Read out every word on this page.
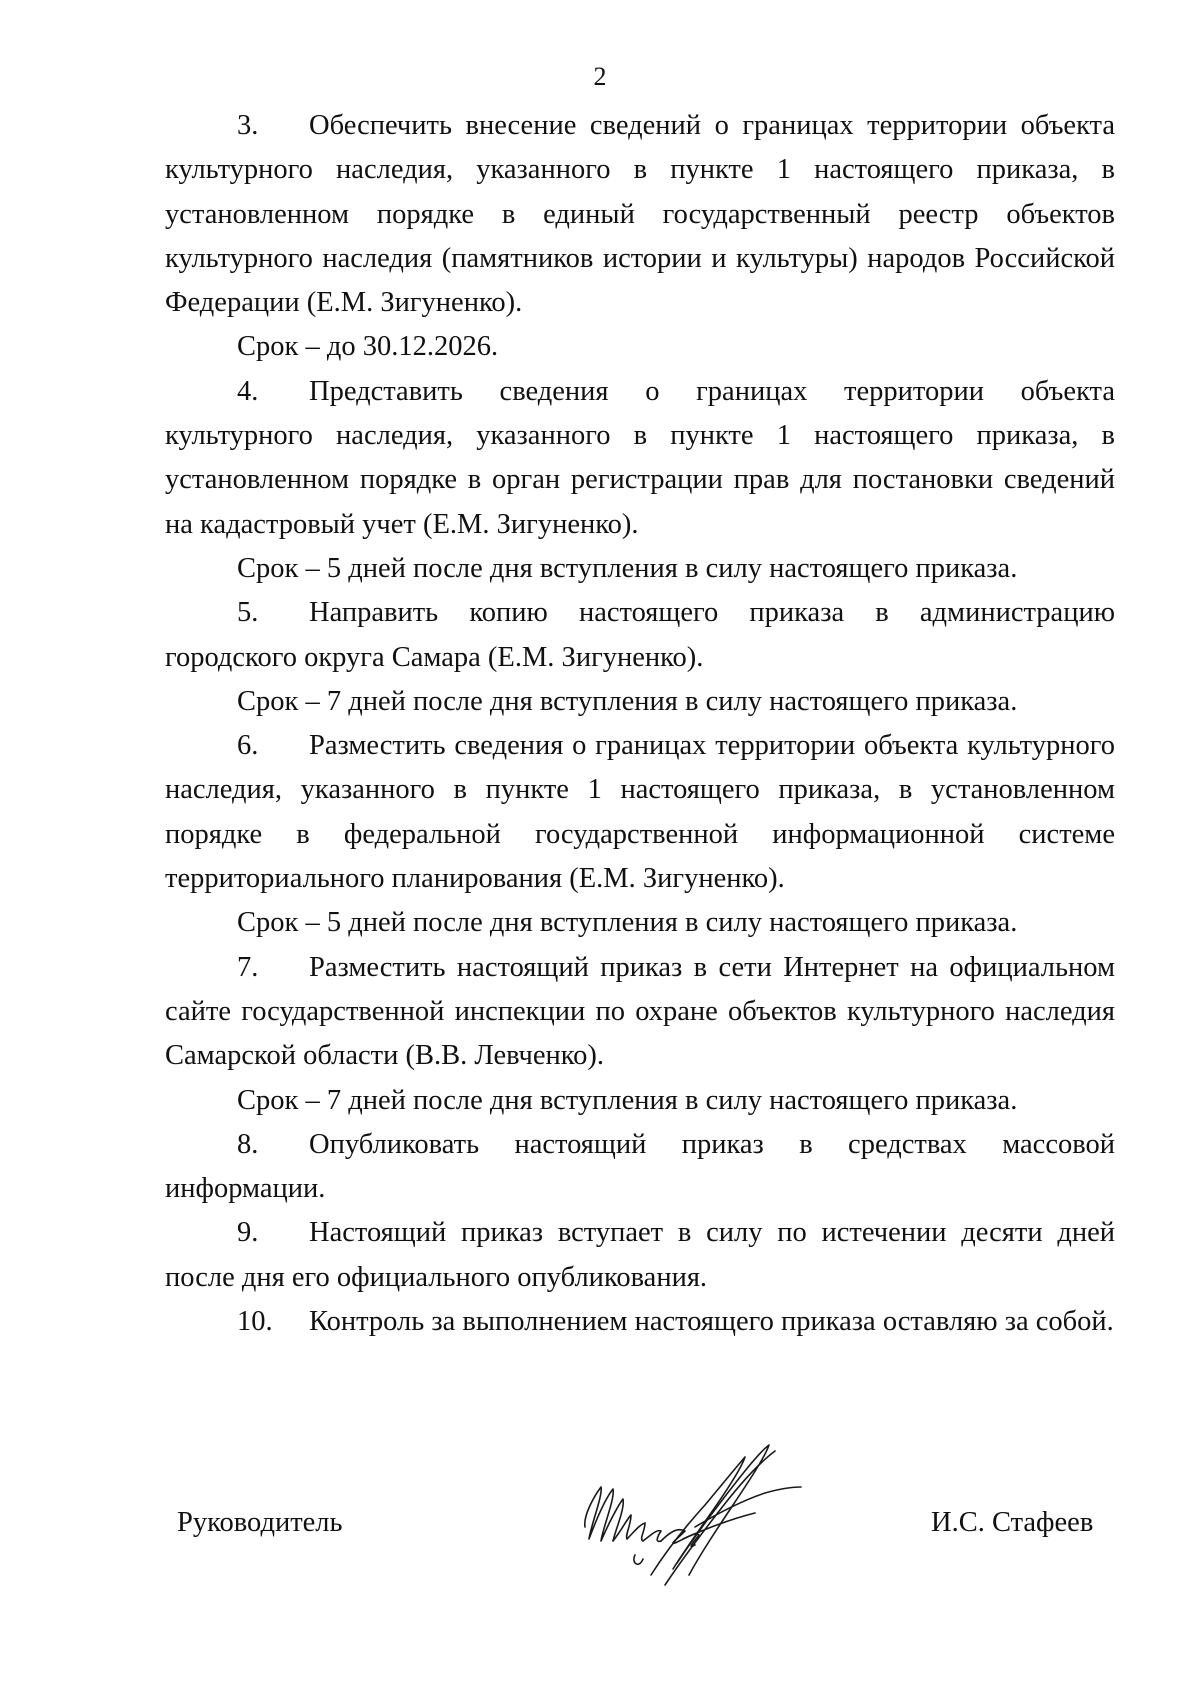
2

3. Обеспечить внесение сведений о границах территории объекта культурного наследия, указанного в пункте 1 настоящего приказа, в установленном порядке в единый государственный реестр объектов культурного наследия (памятников истории и культуры) народов Российской Федерации (Е.М. Зигуненко).

Срок – до 30.12.2026.

4. Представить сведения о границах территории объекта культурного наследия, указанного в пункте 1 настоящего приказа, в установленном порядке в орган регистрации прав для постановки сведений на кадастровый учет (Е.М. Зигуненко).

Срок – 5 дней после дня вступления в силу настоящего приказа.

5. Направить копию настоящего приказа в администрацию городского округа Самара (Е.М. Зигуненко).

Срок – 7 дней после дня вступления в силу настоящего приказа.

6. Разместить сведения о границах территории объекта культурного наследия, указанного в пункте 1 настоящего приказа, в установленном порядке в федеральной государственной информационной системе территориального планирования (Е.М. Зигуненко).

Срок – 5 дней после дня вступления в силу настоящего приказа.

7. Разместить настоящий приказ в сети Интернет на официальном сайте государственной инспекции по охране объектов культурного наследия Самарской области (В.В. Левченко).

Срок – 7 дней после дня вступления в силу настоящего приказа.

8. Опубликовать настоящий приказ в средствах массовой информации.

9. Настоящий приказ вступает в силу по истечении десяти дней после дня его официального опубликования.

10. Контроль за выполнением настоящего приказа оставляю за собой.

Руководитель	И.С. Стафеев
